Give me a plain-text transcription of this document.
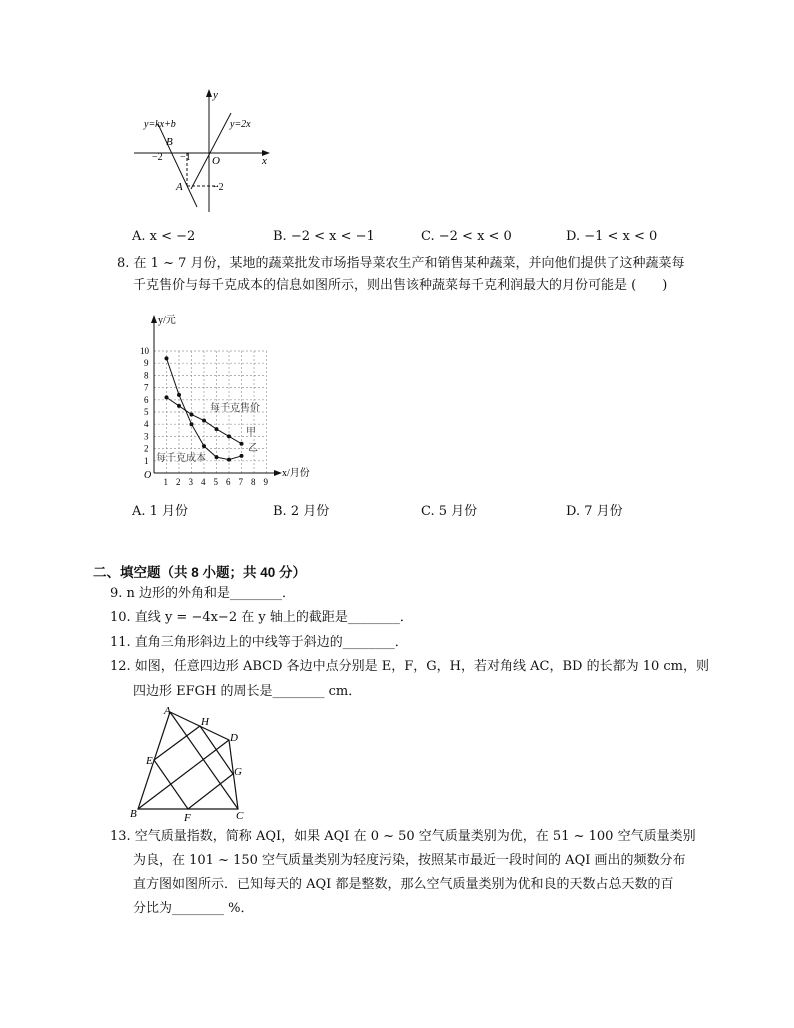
y
x
O
y=kx+b	y=2x
B
A
−2 −1
−2
A. x < −2	B. −2 < x < −1	C. −2 < x < 0	D. −1 < x < 0
8. 在 1 ~ 7 月份，某地的蔬菜批发市场指导菜农生产和销售某种蔬菜，并向他们提供了这种蔬菜每
千克售价与每千克成本的信息如图所示，则出售该种蔬菜每千克利润最大的月份可能是 (　　)
y/元
x/月份
O
1 2 3 4 5 6 7 8 9
1
2
3
4
5
6
7
8
9
10
每千克售价
甲
每千克成本
乙
A. 1 月份	B. 2 月份	C. 5 月份	D. 7 月份
二、填空题（共 8 小题；共 40 分）
9. n 边形的外角和是________．
10. 直线 y = −4x−2 在 y 轴上的截距是________．
11. 直角三角形斜边上的中线等于斜边的________．
12. 如图，任意四边形 ABCD 各边中点分别是 E，F，G，H，若对角线 AC，BD 的长都为 10 cm，则
四边形 EFGH 的周长是________ cm．
A
H
D
E
G
B	F	C
13. 空气质量指数，简称 AQI，如果 AQI 在 0 ~ 50 空气质量类别为优，在 51 ~ 100 空气质量类别
为良，在 101 ~ 150 空气质量类别为轻度污染，按照某市最近一段时间的 AQI 画出的频数分布
直方图如图所示．已知每天的 AQI 都是整数，那么空气质量类别为优和良的天数占总天数的百
分比为________ %．
